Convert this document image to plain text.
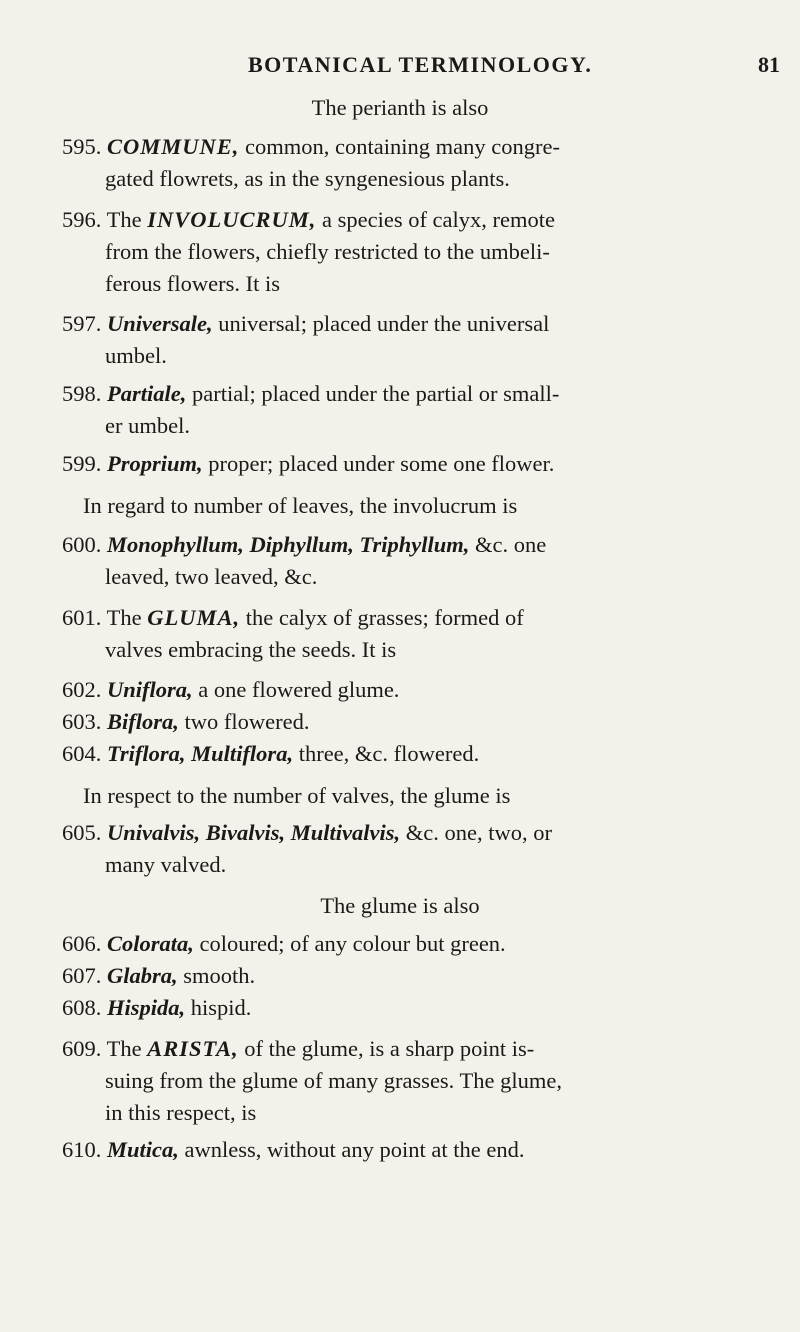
BOTANICAL TERMINOLOGY.	81
The perianth is also
595. COMMUNE, common, containing many congre-
gated flowrets, as in the syngenesious plants.
596. The INVOLUCRUM, a species of calyx, remote
from the flowers, chiefly restricted to the umbeli-
ferous flowers. It is
597. Universale, universal; placed under the universal
umbel.
598. Partiale, partial; placed under the partial or small-
er umbel.
599. Proprium, proper; placed under some one flower.
In regard to number of leaves, the involucrum is
600. Monophyllum, Diphyllum, Triphyllum, &c. one
leaved, two leaved, &c.
601. The GLUMA, the calyx of grasses; formed of
valves embracing the seeds. It is
602. Uniflora, a one flowered glume.
603. Biflora, two flowered.
604. Triflora, Multiflora, three, &c. flowered.
In respect to the number of valves, the glume is
605. Univalvis, Bivalvis, Multivalvis, &c. one, two, or
many valved.
The glume is also
606. Colorata, coloured; of any colour but green.
607. Glabra, smooth.
608. Hispida, hispid.
609. The ARISTA, of the glume, is a sharp point is-
suing from the glume of many grasses. The glume,
in this respect, is
610. Mutica, awnless, without any point at the end.
